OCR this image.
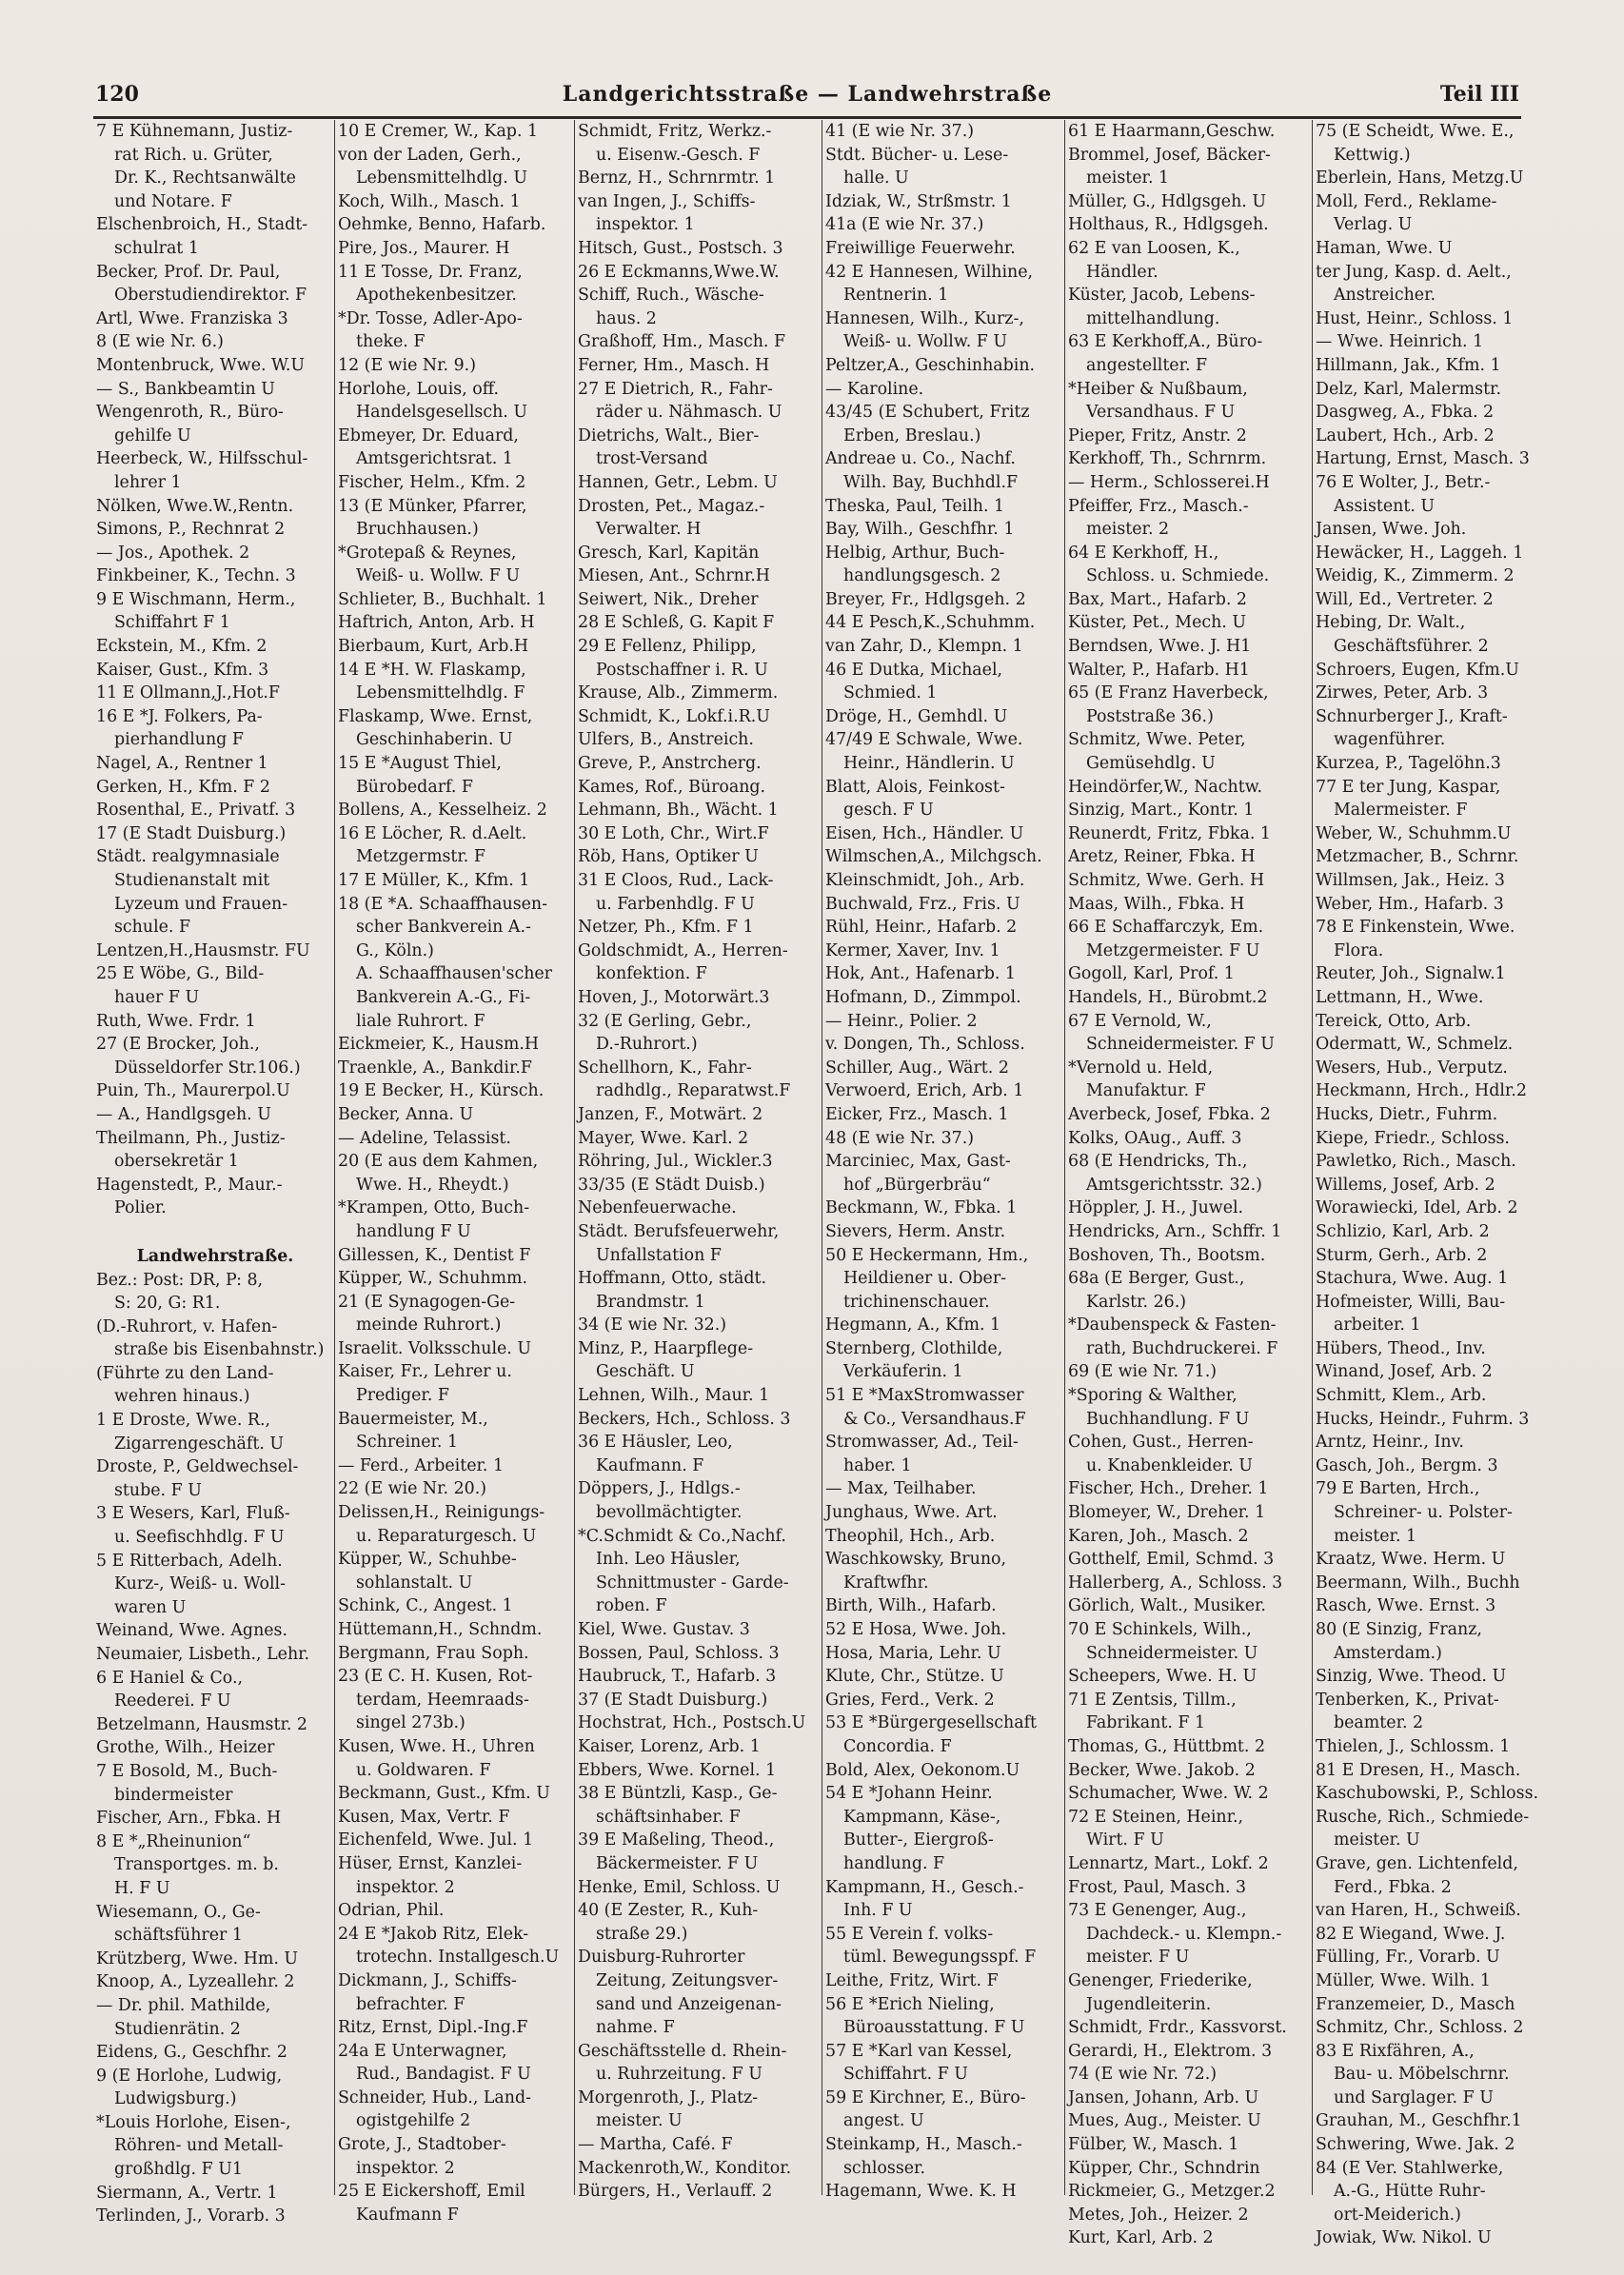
120	Landgerichtsstraße — Landwehrstraße	Teil III
7 E Kühnemann, Justiz-
rat Rich. u. Grüter,
Dr. K., Rechtsanwälte
und Notare. F
Elschenbroich, H., Stadt-
schulrat 1
Becker, Prof. Dr. Paul,
Oberstudiendirektor. F
Artl, Wwe. Franziska 3
8 (E wie Nr. 6.)
Montenbruck, Wwe. W.U
— S., Bankbeamtin U
Wengenroth, R., Büro-
gehilfe U
Heerbeck, W., Hilfsschul-
lehrer 1
Nölken, Wwe.W.,Rentn.
Simons, P., Rechnrat 2
— Jos., Apothek. 2
Finkbeiner, K., Techn. 3
9 E Wischmann, Herm.,
Schiffahrt F 1
Eckstein, M., Kfm. 2
Kaiser, Gust., Kfm. 3
11 E Ollmann,J.,Hot.F
16 E *J. Folkers, Pa-
pierhandlung F
Nagel, A., Rentner 1
Gerken, H., Kfm. F 2
Rosenthal, E., Privatf. 3
17 (E Stadt Duisburg.)
Städt. realgymnasiale
Studienanstalt mit
Lyzeum und Frauen-
schule. F
Lentzen,H.,Hausmstr. FU
25 E Wöbe, G., Bild-
hauer F U
Ruth, Wwe. Frdr. 1
27 (E Brocker, Joh.,
Düsseldorfer Str.106.)
Puin, Th., Maurerpol.U
— A., Handlgsgeh. U
Theilmann, Ph., Justiz-
obersekretär 1
Hagenstedt, P., Maur.-
Polier.
Landwehrstraße.
Bez.: Post: DR, P: 8,
S: 20, G: R1.
(D.-Ruhrort, v. Hafen-
straße bis Eisenbahnstr.)
(Führte zu den Land-
wehren hinaus.)
1 E Droste, Wwe. R.,
Zigarrengeschäft. U
Droste, P., Geldwechsel-
stube. F U
3 E Wesers, Karl, Fluß-
u. Seefischhdlg. F U
5 E Ritterbach, Adelh.
Kurz-, Weiß- u. Woll-
waren U
Weinand, Wwe. Agnes.
Neumaier, Lisbeth., Lehr.
6 E Haniel & Co.,
Reederei. F U
Betzelmann, Hausmstr. 2
Grothe, Wilh., Heizer
7 E Bosold, M., Buch-
bindermeister
Fischer, Arn., Fbka. H
8 E *„Rheinunion“
Transportges. m. b.
H. F U
Wiesemann, O., Ge-
schäftsführer 1
Krützberg, Wwe. Hm. U
Knoop, A., Lyzeallehr. 2
— Dr. phil. Mathilde,
Studienrätin. 2
Eidens, G., Geschfhr. 2
9 (E Horlohe, Ludwig,
Ludwigsburg.)
*Louis Horlohe, Eisen-,
Röhren- und Metall-
großhdlg. F U1
Siermann, A., Vertr. 1
Terlinden, J., Vorarb. 3
10 E Cremer, W., Kap. 1
von der Laden, Gerh.,
Lebensmittelhdlg. U
Koch, Wilh., Masch. 1
Oehmke, Benno, Hafarb.
Pire, Jos., Maurer. H
11 E Tosse, Dr. Franz,
Apothekenbesitzer.
*Dr. Tosse, Adler-Apo-
theke. F
12 (E wie Nr. 9.)
Horlohe, Louis, off.
Handelsgesellsch. U
Ebmeyer, Dr. Eduard,
Amtsgerichtsrat. 1
Fischer, Helm., Kfm. 2
13 (E Münker, Pfarrer,
Bruchhausen.)
*Grotepaß & Reynes,
Weiß- u. Wollw. F U
Schlieter, B., Buchhalt. 1
Haftrich, Anton, Arb. H
Bierbaum, Kurt, Arb.H
14 E *H. W. Flaskamp,
Lebensmittelhdlg. F
Flaskamp, Wwe. Ernst,
Geschinhaberin. U
15 E *August Thiel,
Bürobedarf. F
Bollens, A., Kesselheiz. 2
16 E Löcher, R. d.Aelt.
Metzgermstr. F
17 E Müller, K., Kfm. 1
18 (E *A. Schaaffhausen-
scher Bankverein A.-
G., Köln.)
A. Schaaffhausen'scher
Bankverein A.-G., Fi-
liale Ruhrort. F
Eickmeier, K., Hausm.H
Traenkle, A., Bankdir.F
19 E Becker, H., Kürsch.
Becker, Anna. U
— Adeline, Telassist.
20 (E aus dem Kahmen,
Wwe. H., Rheydt.)
*Krampen, Otto, Buch-
handlung F U
Gillessen, K., Dentist F
Küpper, W., Schuhmm.
21 (E Synagogen-Ge-
meinde Ruhrort.)
Israelit. Volksschule. U
Kaiser, Fr., Lehrer u.
Prediger. F
Bauermeister, M.,
Schreiner. 1
— Ferd., Arbeiter. 1
22 (E wie Nr. 20.)
Delissen,H., Reinigungs-
u. Reparaturgesch. U
Küpper, W., Schuhbe-
sohlanstalt. U
Schink, C., Angest. 1
Hüttemann,H., Schndm.
Bergmann, Frau Soph.
23 (E C. H. Kusen, Rot-
terdam, Heemraads-
singel 273b.)
Kusen, Wwe. H., Uhren
u. Goldwaren. F
Beckmann, Gust., Kfm. U
Kusen, Max, Vertr. F
Eichenfeld, Wwe. Jul. 1
Hüser, Ernst, Kanzlei-
inspektor. 2
Odrian, Phil.
24 E *Jakob Ritz, Elek-
trotechn. Installgesch.U
Dickmann, J., Schiffs-
befrachter. F
Ritz, Ernst, Dipl.-Ing.F
24a E Unterwagner,
Rud., Bandagist. F U
Schneider, Hub., Land-
ogistgehilfe 2
Grote, J., Stadtober-
inspektor. 2
25 E Eickershoff, Emil
Kaufmann F
Schmidt, Fritz, Werkz.-
u. Eisenw.-Gesch. F
Bernz, H., Schrnrmtr. 1
van Ingen, J., Schiffs-
inspektor. 1
Hitsch, Gust., Postsch. 3
26 E Eckmanns,Wwe.W.
Schiff, Ruch., Wäsche-
haus. 2
Graßhoff, Hm., Masch. F
Ferner, Hm., Masch. H
27 E Dietrich, R., Fahr-
räder u. Nähmasch. U
Dietrichs, Walt., Bier-
trost-Versand
Hannen, Getr., Lebm. U
Drosten, Pet., Magaz.-
Verwalter. H
Gresch, Karl, Kapitän
Miesen, Ant., Schrnr.H
Seiwert, Nik., Dreher
28 E Schleß, G. Kapit F
29 E Fellenz, Philipp,
Postschaffner i. R. U
Krause, Alb., Zimmerm.
Schmidt, K., Lokf.i.R.U
Ulfers, B., Anstreich.
Greve, P., Anstrcherg.
Kames, Rof., Büroang.
Lehmann, Bh., Wächt. 1
30 E Loth, Chr., Wirt.F
Röb, Hans, Optiker U
31 E Cloos, Rud., Lack-
u. Farbenhdlg. F U
Netzer, Ph., Kfm. F 1
Goldschmidt, A., Herren-
konfektion. F
Hoven, J., Motorwärt.3
32 (E Gerling, Gebr.,
D.-Ruhrort.)
Schellhorn, K., Fahr-
radhdlg., Reparatwst.F
Janzen, F., Motwärt. 2
Mayer, Wwe. Karl. 2
Röhring, Jul., Wickler.3
33/35 (E Städt Duisb.)
Nebenfeuerwache.
Städt. Berufsfeuerwehr,
Unfallstation F
Hoffmann, Otto, städt.
Brandmstr. 1
34 (E wie Nr. 32.)
Minz, P., Haarpflege-
Geschäft. U
Lehnen, Wilh., Maur. 1
Beckers, Hch., Schloss. 3
36 E Häusler, Leo,
Kaufmann. F
Döppers, J., Hdlgs.-
bevollmächtigter.
*C.Schmidt & Co.,Nachf.
Inh. Leo Häusler,
Schnittmuster - Garde-
roben. F
Kiel, Wwe. Gustav. 3
Bossen, Paul, Schloss. 3
Haubruck, T., Hafarb. 3
37 (E Stadt Duisburg.)
Hochstrat, Hch., Postsch.U
Kaiser, Lorenz, Arb. 1
Ebbers, Wwe. Kornel. 1
38 E Büntzli, Kasp., Ge-
schäftsinhaber. F
39 E Maßeling, Theod.,
Bäckermeister. F U
Henke, Emil, Schloss. U
40 (E Zester, R., Kuh-
straße 29.)
Duisburg-Ruhrorter
Zeitung, Zeitungsver-
sand und Anzeigenan-
nahme. F
Geschäftsstelle d. Rhein-
u. Ruhrzeitung. F U
Morgenroth, J., Platz-
meister. U
— Martha, Café. F
Mackenroth,W., Konditor.
Bürgers, H., Verlauff. 2
41 (E wie Nr. 37.)
Stdt. Bücher- u. Lese-
halle. U
Idziak, W., Strßmstr. 1
41a (E wie Nr. 37.)
Freiwillige Feuerwehr.
42 E Hannesen, Wilhine,
Rentnerin. 1
Hannesen, Wilh., Kurz-,
Weiß- u. Wollw. F U
Peltzer,A., Geschinhabin.
— Karoline.
43/45 (E Schubert, Fritz
Erben, Breslau.)
Andreae u. Co., Nachf.
Wilh. Bay, Buchhdl.F
Theska, Paul, Teilh. 1
Bay, Wilh., Geschfhr. 1
Helbig, Arthur, Buch-
handlungsgesch. 2
Breyer, Fr., Hdlgsgeh. 2
44 E Pesch,K.,Schuhmm.
van Zahr, D., Klempn. 1
46 E Dutka, Michael,
Schmied. 1
Dröge, H., Gemhdl. U
47/49 E Schwale, Wwe.
Heinr., Händlerin. U
Blatt, Alois, Feinkost-
gesch. F U
Eisen, Hch., Händler. U
Wilmschen,A., Milchgsch.
Kleinschmidt, Joh., Arb.
Buchwald, Frz., Fris. U
Rühl, Heinr., Hafarb. 2
Kermer, Xaver, Inv. 1
Hok, Ant., Hafenarb. 1
Hofmann, D., Zimmpol.
— Heinr., Polier. 2
v. Dongen, Th., Schloss.
Schiller, Aug., Wärt. 2
Verwoerd, Erich, Arb. 1
Eicker, Frz., Masch. 1
48 (E wie Nr. 37.)
Marciniec, Max, Gast-
hof „Bürgerbräu“
Beckmann, W., Fbka. 1
Sievers, Herm. Anstr.
50 E Heckermann, Hm.,
Heildiener u. Ober-
trichinenschauer.
Hegmann, A., Kfm. 1
Sternberg, Clothilde,
Verkäuferin. 1
51 E *MaxStromwasser
& Co., Versandhaus.F
Stromwasser, Ad., Teil-
haber. 1
— Max, Teilhaber.
Junghaus, Wwe. Art.
Theophil, Hch., Arb.
Waschkowsky, Bruno,
Kraftwfhr.
Birth, Wilh., Hafarb.
52 E Hosa, Wwe. Joh.
Hosa, Maria, Lehr. U
Klute, Chr., Stütze. U
Gries, Ferd., Verk. 2
53 E *Bürgergesellschaft
Concordia. F
Bold, Alex, Oekonom.U
54 E *Johann Heinr.
Kampmann, Käse-,
Butter-, Eiergroß-
handlung. F
Kampmann, H., Gesch.-
Inh. F U
55 E Verein f. volks-
tüml. Bewegungsspf. F
Leithe, Fritz, Wirt. F
56 E *Erich Nieling,
Büroausstattung. F U
57 E *Karl van Kessel,
Schiffahrt. F U
59 E Kirchner, E., Büro-
angest. U
Steinkamp, H., Masch.-
schlosser.
Hagemann, Wwe. K. H
61 E Haarmann,Geschw.
Brommel, Josef, Bäcker-
meister. 1
Müller, G., Hdlgsgeh. U
Holthaus, R., Hdlgsgeh.
62 E van Loosen, K.,
Händler.
Küster, Jacob, Lebens-
mittelhandlung.
63 E Kerkhoff,A., Büro-
angestellter. F
*Heiber & Nußbaum,
Versandhaus. F U
Pieper, Fritz, Anstr. 2
Kerkhoff, Th., Schrnrm.
— Herm., Schlosserei.H
Pfeiffer, Frz., Masch.-
meister. 2
64 E Kerkhoff, H.,
Schloss. u. Schmiede.
Bax, Mart., Hafarb. 2
Küster, Pet., Mech. U
Berndsen, Wwe. J. H1
Walter, P., Hafarb. H1
65 (E Franz Haverbeck,
Poststraße 36.)
Schmitz, Wwe. Peter,
Gemüsehdlg. U
Heindörfer,W., Nachtw.
Sinzig, Mart., Kontr. 1
Reunerdt, Fritz, Fbka. 1
Aretz, Reiner, Fbka. H
Schmitz, Wwe. Gerh. H
Maas, Wilh., Fbka. H
66 E Schaffarczyk, Em.
Metzgermeister. F U
Gogoll, Karl, Prof. 1
Handels, H., Bürobmt.2
67 E Vernold, W.,
Schneidermeister. F U
*Vernold u. Held,
Manufaktur. F
Averbeck, Josef, Fbka. 2
Kolks, OAug., Auff. 3
68 (E Hendricks, Th.,
Amtsgerichtsstr. 32.)
Höppler, J. H., Juwel.
Hendricks, Arn., Schffr. 1
Boshoven, Th., Bootsm.
68a (E Berger, Gust.,
Karlstr. 26.)
*Daubenspeck & Fasten-
rath, Buchdruckerei. F
69 (E wie Nr. 71.)
*Sporing & Walther,
Buchhandlung. F U
Cohen, Gust., Herren-
u. Knabenkleider. U
Fischer, Hch., Dreher. 1
Blomeyer, W., Dreher. 1
Karen, Joh., Masch. 2
Gotthelf, Emil, Schmd. 3
Hallerberg, A., Schloss. 3
Görlich, Walt., Musiker.
70 E Schinkels, Wilh.,
Schneidermeister. U
Scheepers, Wwe. H. U
71 E Zentsis, Tillm.,
Fabrikant. F 1
Thomas, G., Hüttbmt. 2
Becker, Wwe. Jakob. 2
Schumacher, Wwe. W. 2
72 E Steinen, Heinr.,
Wirt. F U
Lennartz, Mart., Lokf. 2
Frost, Paul, Masch. 3
73 E Genenger, Aug.,
Dachdeck.- u. Klempn.-
meister. F U
Genenger, Friederike,
Jugendleiterin.
Schmidt, Frdr., Kassvorst.
Gerardi, H., Elektrom. 3
74 (E wie Nr. 72.)
Jansen, Johann, Arb. U
Mues, Aug., Meister. U
Fülber, W., Masch. 1
Küpper, Chr., Schndrin
Rickmeier, G., Metzger.2
Metes, Joh., Heizer. 2
Kurt, Karl, Arb. 2
75 (E Scheidt, Wwe. E.,
Kettwig.)
Eberlein, Hans, Metzg.U
Moll, Ferd., Reklame-
Verlag. U
Haman, Wwe. U
ter Jung, Kasp. d. Aelt.,
Anstreicher.
Hust, Heinr., Schloss. 1
— Wwe. Heinrich. 1
Hillmann, Jak., Kfm. 1
Delz, Karl, Malermstr.
Dasgweg, A., Fbka. 2
Laubert, Hch., Arb. 2
Hartung, Ernst, Masch. 3
76 E Wolter, J., Betr.-
Assistent. U
Jansen, Wwe. Joh.
Hewäcker, H., Laggeh. 1
Weidig, K., Zimmerm. 2
Will, Ed., Vertreter. 2
Hebing, Dr. Walt.,
Geschäftsführer. 2
Schroers, Eugen, Kfm.U
Zirwes, Peter, Arb. 3
Schnurberger J., Kraft-
wagenführer.
Kurzea, P., Tagelöhn.3
77 E ter Jung, Kaspar,
Malermeister. F
Weber, W., Schuhmm.U
Metzmacher, B., Schrnr.
Willmsen, Jak., Heiz. 3
Weber, Hm., Hafarb. 3
78 E Finkenstein, Wwe.
Flora.
Reuter, Joh., Signalw.1
Lettmann, H., Wwe.
Tereick, Otto, Arb.
Odermatt, W., Schmelz.
Wesers, Hub., Verputz.
Heckmann, Hrch., Hdlr.2
Hucks, Dietr., Fuhrm.
Kiepe, Friedr., Schloss.
Pawletko, Rich., Masch.
Willems, Josef, Arb. 2
Worawiecki, Idel, Arb. 2
Schlizio, Karl, Arb. 2
Sturm, Gerh., Arb. 2
Stachura, Wwe. Aug. 1
Hofmeister, Willi, Bau-
arbeiter. 1
Hübers, Theod., Inv.
Winand, Josef, Arb. 2
Schmitt, Klem., Arb.
Hucks, Heindr., Fuhrm. 3
Arntz, Heinr., Inv.
Gasch, Joh., Bergm. 3
79 E Barten, Hrch.,
Schreiner- u. Polster-
meister. 1
Kraatz, Wwe. Herm. U
Beermann, Wilh., Buchh
Rasch, Wwe. Ernst. 3
80 (E Sinzig, Franz,
Amsterdam.)
Sinzig, Wwe. Theod. U
Tenberken, K., Privat-
beamter. 2
Thielen, J., Schlossm. 1
81 E Dresen, H., Masch.
Kaschubowski, P., Schloss.
Rusche, Rich., Schmiede-
meister. U
Grave, gen. Lichtenfeld,
Ferd., Fbka. 2
van Haren, H., Schweiß.
82 E Wiegand, Wwe. J.
Fülling, Fr., Vorarb. U
Müller, Wwe. Wilh. 1
Franzemeier, D., Masch
Schmitz, Chr., Schloss. 2
83 E Rixfähren, A.,
Bau- u. Möbelschrnr.
und Sarglager. F U
Grauhan, M., Geschfhr.1
Schwering, Wwe. Jak. 2
84 (E Ver. Stahlwerke,
A.-G., Hütte Ruhr-
ort-Meiderich.)
Jowiak, Ww. Nikol. U
